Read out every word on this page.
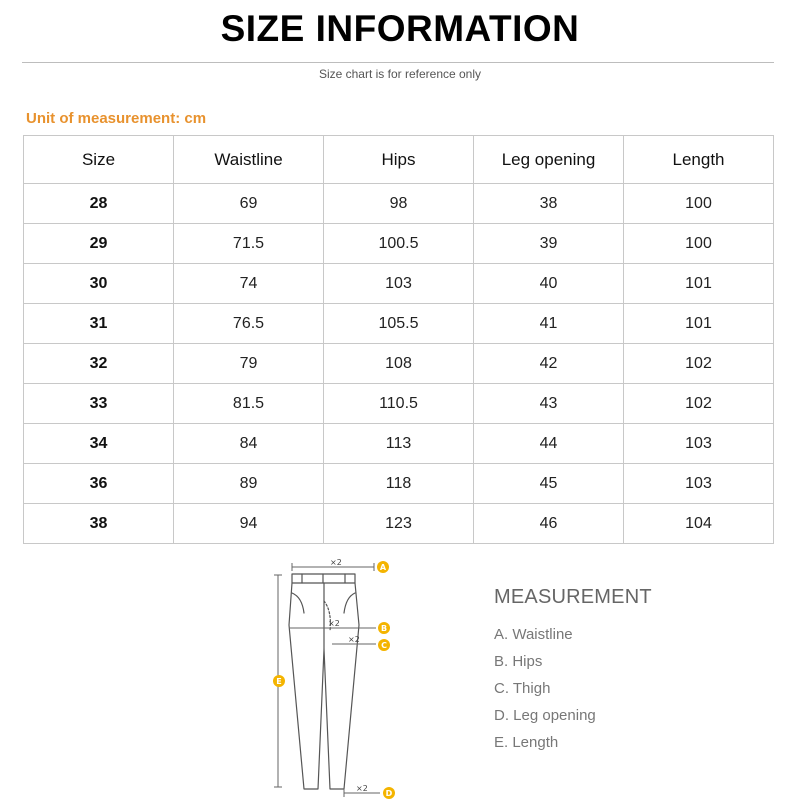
SIZE INFORMATION
Size chart is for reference only
Unit of measurement: cm
Size	Waistline	Hips	Leg opening	Length
28	69	98	38	100
29	71.5	100.5	39	100
30	74	103	40	101
31	76.5	105.5	41	101
32	79	108	42	102
33	81.5	110.5	43	102
34	84	113	44	103
36	89	118	45	103
38	94	123	46	104
×2
×2
×2
×2
A
B
C
D
E
MEASUREMENT
A. Waistline
B. Hips
C. Thigh
D. Leg opening
E. Length
